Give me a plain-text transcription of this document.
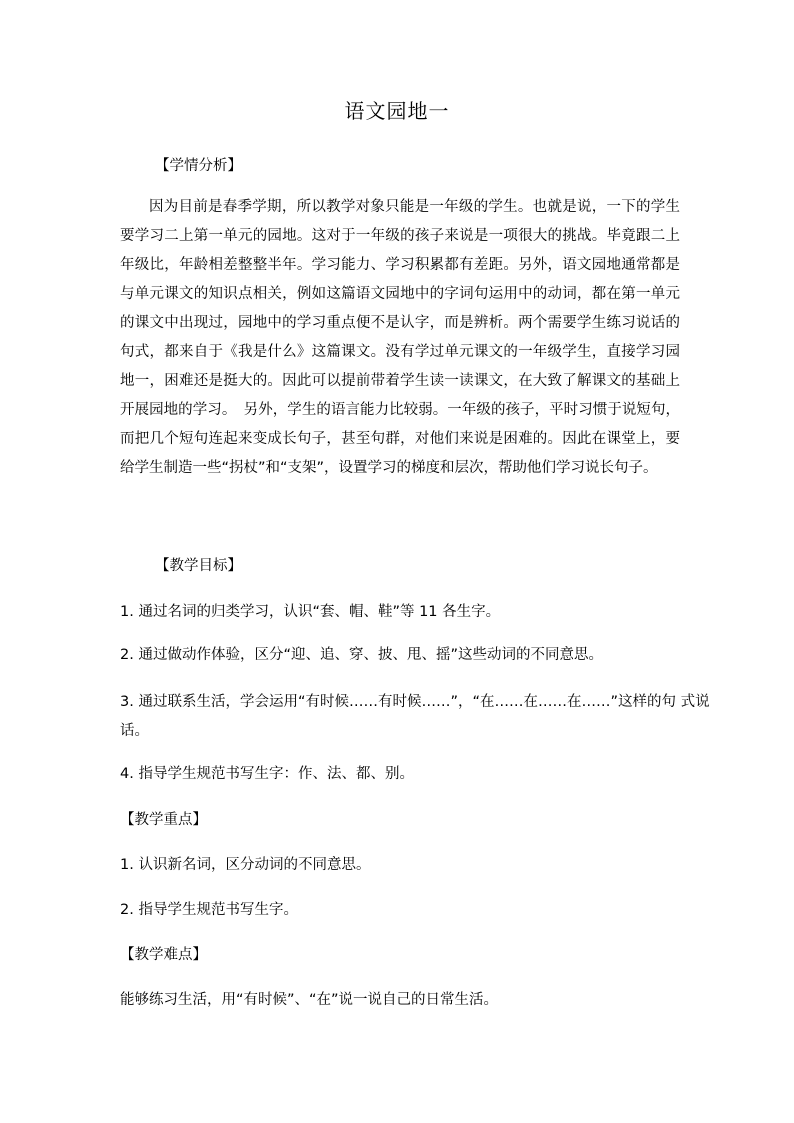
语文园地一

【学情分析】

因为目前是春季学期，所以教学对象只能是一年级的学生。也就是说，一下的学生要学习二上第一单元的园地。这对于一年级的孩子来说是一项很大的挑战。毕竟跟二上年级比，年龄相差整整半年。学习能力、学习积累都有差距。另外，语文园地通常都是与单元课文的知识点相关，例如这篇语文园地中的字词句运用中的动词，都在第一单元的课文中出现过，园地中的学习重点便不是认字，而是辨析。两个需要学生练习说话的句式，都来自于《我是什么》这篇课文。没有学过单元课文的一年级学生，直接学习园地一，困难还是挺大的。因此可以提前带着学生读一读课文，在大致了解课文的基础上开展园地的学习。　另外，学生的语言能力比较弱。一年级的孩子，平时习惯于说短句，而把几个短句连起来变成长句子，甚至句群，对他们来说是困难的。因此在课堂上，要给学生制造一些“拐杖”和“支架”，设置学习的梯度和层次，帮助他们学习说长句子。

【教学目标】

1. 通过名词的归类学习，认识“套、帽、鞋”等 11 各生字。

2. 通过做动作体验，区分“迎、追、穿、披、甩、摇”这些动词的不同意思。

3. 通过联系生活，学会运用“有时候……有时候……”，“在……在……在……”这样的句 式说话。

4. 指导学生规范书写生字：作、法、都、别。

【教学重点】

1. 认识新名词，区分动词的不同意思。

2. 指导学生规范书写生字。

【教学难点】

能够练习生活，用“有时候”、“在”说一说自己的日常生活。
